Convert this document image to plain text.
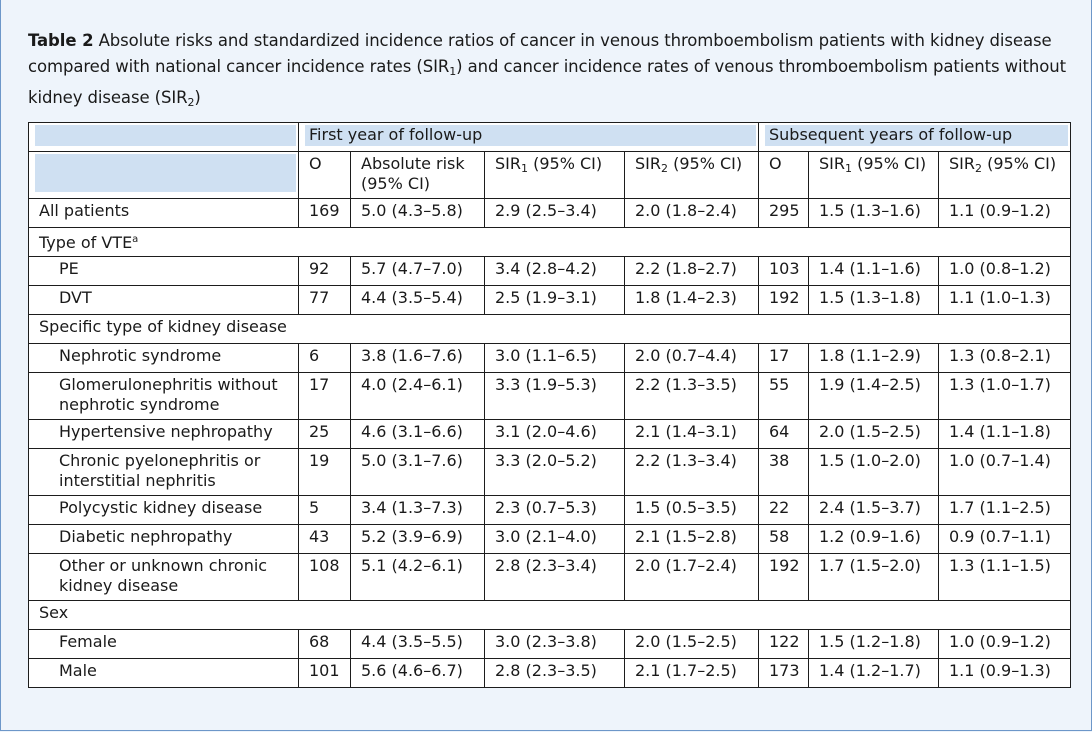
Table 2 Absolute risks and standardized incidence ratios of cancer in venous thromboembolism patients with kidney disease compared with national cancer incidence rates $(SIR_1)$ and cancer incidence rates of venous thromboembolism patients without kidney disease $(SIR_2)$

	First year of follow-up				Subsequent years of follow-up		

	O	Absolute risk (95% CI)	$SIR_1$ (95% CI)	$SIR_2$ (95% CI)	O	$SIR_1$ (95% CI)	$SIR_2$ (95% CI)
All patients	169	5.0 (4.3–5.8)	2.9 (2.5–3.4)	2.0 (1.8–2.4)	295	1.5 (1.3–1.6)	1.1 (0.9–1.2)
Type of VTE$^a$
PE	92	5.7 (4.7–7.0)	3.4 (2.8–4.2)	2.2 (1.8–2.7)	103	1.4 (1.1–1.6)	1.0 (0.8–1.2)
DVT	77	4.4 (3.5–5.4)	2.5 (1.9–3.1)	1.8 (1.4–2.3)	192	1.5 (1.3–1.8)	1.1 (1.0–1.3)
Specific type of kidney disease							
Nephrotic syndrome	6	3.8 (1.6–7.6)	3.0 (1.1–6.5)	2.0 (0.7–4.4)	17	1.8 (1.1–2.9)	1.3 (0.8–2.1)
Glomerulonephritis without nephrotic syndrome	17	4.0 (2.4–6.1)	3.3 (1.9–5.3)	2.2 (1.3–3.5)	55	1.9 (1.4–2.5)	1.3 (1.0–1.7)
Hypertensive nephropathy	25	4.6 (3.1–6.6)	3.1 (2.0–4.6)	2.1 (1.4–3.1)	64	2.0 (1.5–2.5)	1.4 (1.1–1.8)
Chronic pyelonephritis or interstitial nephritis	19	5.0 (3.1–7.6)	3.3 (2.0–5.2)	2.2 (1.3–3.4)	38	1.5 (1.0–2.0)	1.0 (0.7–1.4)
Polycystic kidney disease	5	3.4 (1.3–7.3)	2.3 (0.7–5.3)	1.5 (0.5–3.5)	22	2.4 (1.5–3.7)	1.7 (1.1–2.5)
Diabetic nephropathy	43	5.2 (3.9–6.9)	3.0 (2.1–4.0)	2.1 (1.5–2.8)	58	1.2 (0.9–1.6)	0.9 (0.7–1.1)
Other or unknown chronic kidney disease	108	5.1 (4.2–6.1)	2.8 (2.3–3.4)	2.0 (1.7–2.4)	192	1.7 (1.5–2.0)	1.3 (1.1–1.5)
Sex							
Female	68	4.4 (3.5–5.5)	3.0 (2.3–3.8)	2.0 (1.5–2.5)	122	1.5 (1.2–1.8)	1.0 (0.9–1.2)
Male	101	5.6 (4.6–6.7)	2.8 (2.3–3.5)	2.1 (1.7–2.5)	173	1.4 (1.2–1.7)	1.1 (0.9–1.3)
